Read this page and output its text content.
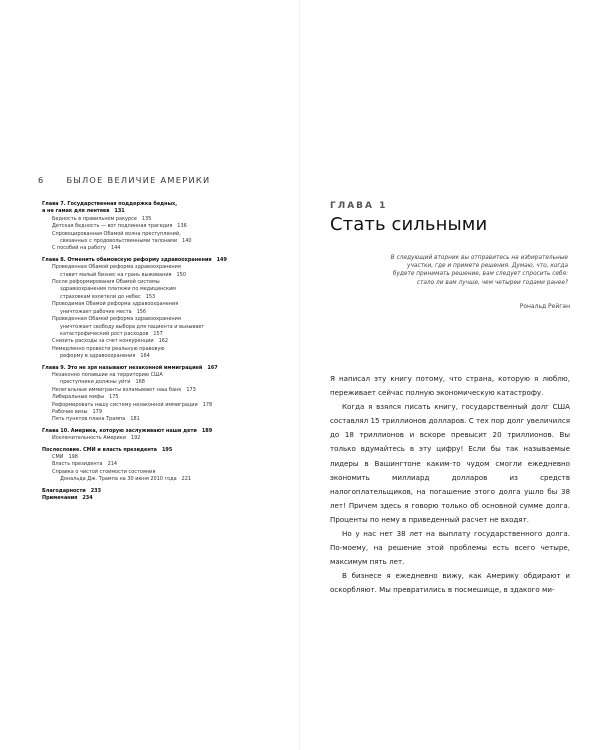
6	БЫЛОЕ ВЕЛИЧИЕ АМЕРИКИ
Глава 7. Государственная поддержка бедных,
а не гамак для лентяев 131
Бедность в правильном ракурсе 135
Детская бедность — вот подлинная трагедия 136
Спровоцированная Обамой волна преступлений,
связанных с продовольственными талонами 140
С пособий на работу 144
Глава 8. Отменить обамовскую реформу здравоохранения 149
Проведенная Обамой реформа здравоохранения
ставит малый бизнес на грань выживания 150
После реформирования Обамой системы
здравоохранения платежи по медицинским
страховкам взлетели до небес 153
Проводимая Обамой реформа здравоохранения
уничтожает рабочие места 156
Проведенная Обамой реформа здравоохранения
уничтожает свободу выбора для пациента и вызывает
катастрофический рост расходов 157
Снизить расходы за счет конкуренции 162
Немедленно провести реальную правовую
реформу в здравоохранения 164
Глава 9. Это не зря называют незаконной иммиграцией 167
Незаконно попавшие на территорию США
преступники должны уйти 168
Нелегальные иммигранты взламывают наш банк 173
Либеральные мифы 175
Реформировать нашу систему незаконной иммиграции 178
Рабочие визы 179
Пять пунктов плана Трампа 181
Глава 10. Америка, которую заслуживают наши дети 189
Исключительность Америки 192
Послесловие. СМИ и власть президента 195
СМИ 198
Власть президента 214
Справка о чистой стоимости состояния
Дональда Дж. Трампа на 30 июня 2010 года 221
Благодарности 233
Примечания 234
ГЛАВА 1
Стать сильными
В следующий вторник вы отправитесь на избирательные участки, где и примете решения. Думаю, что, когда будете принимать решение, вам следует спросить себя: стало ли вам лучше, чем четыреи годами ранее?
Рональд Рейган

Я написал эту книгу потому, что страна, которую я люблю, переживает сейчас полную экономическую катастрофу.

Когда я взялся писать книгу, государственный долг США составлял 15 триллионов долларов. С тех пор долг увеличился до 18 триллионов и вскоре превысит 20 триллионов. Вы только вдумайтесь в эту цифру! Если бы так называемые лидеры в Вашингтоне каким-то чудом смогли ежедневно экономить миллиард долларов из средств налогоплательщиков, на погашение этого долга ушло бы 38 лет! Причем здесь я говорю только об основной сумме долга. Проценты по нему в приведенный расчет не входят.

Но у нас нет 38 лет на выплату государственного долга. По-моему, на решение этой проблемы есть всего четыре, максимум пять лет.

В бизнесе я ежедневно вижу, как Америку обдирают и оскорбляют. Мы превратились в посмешище, в здакого ми-
